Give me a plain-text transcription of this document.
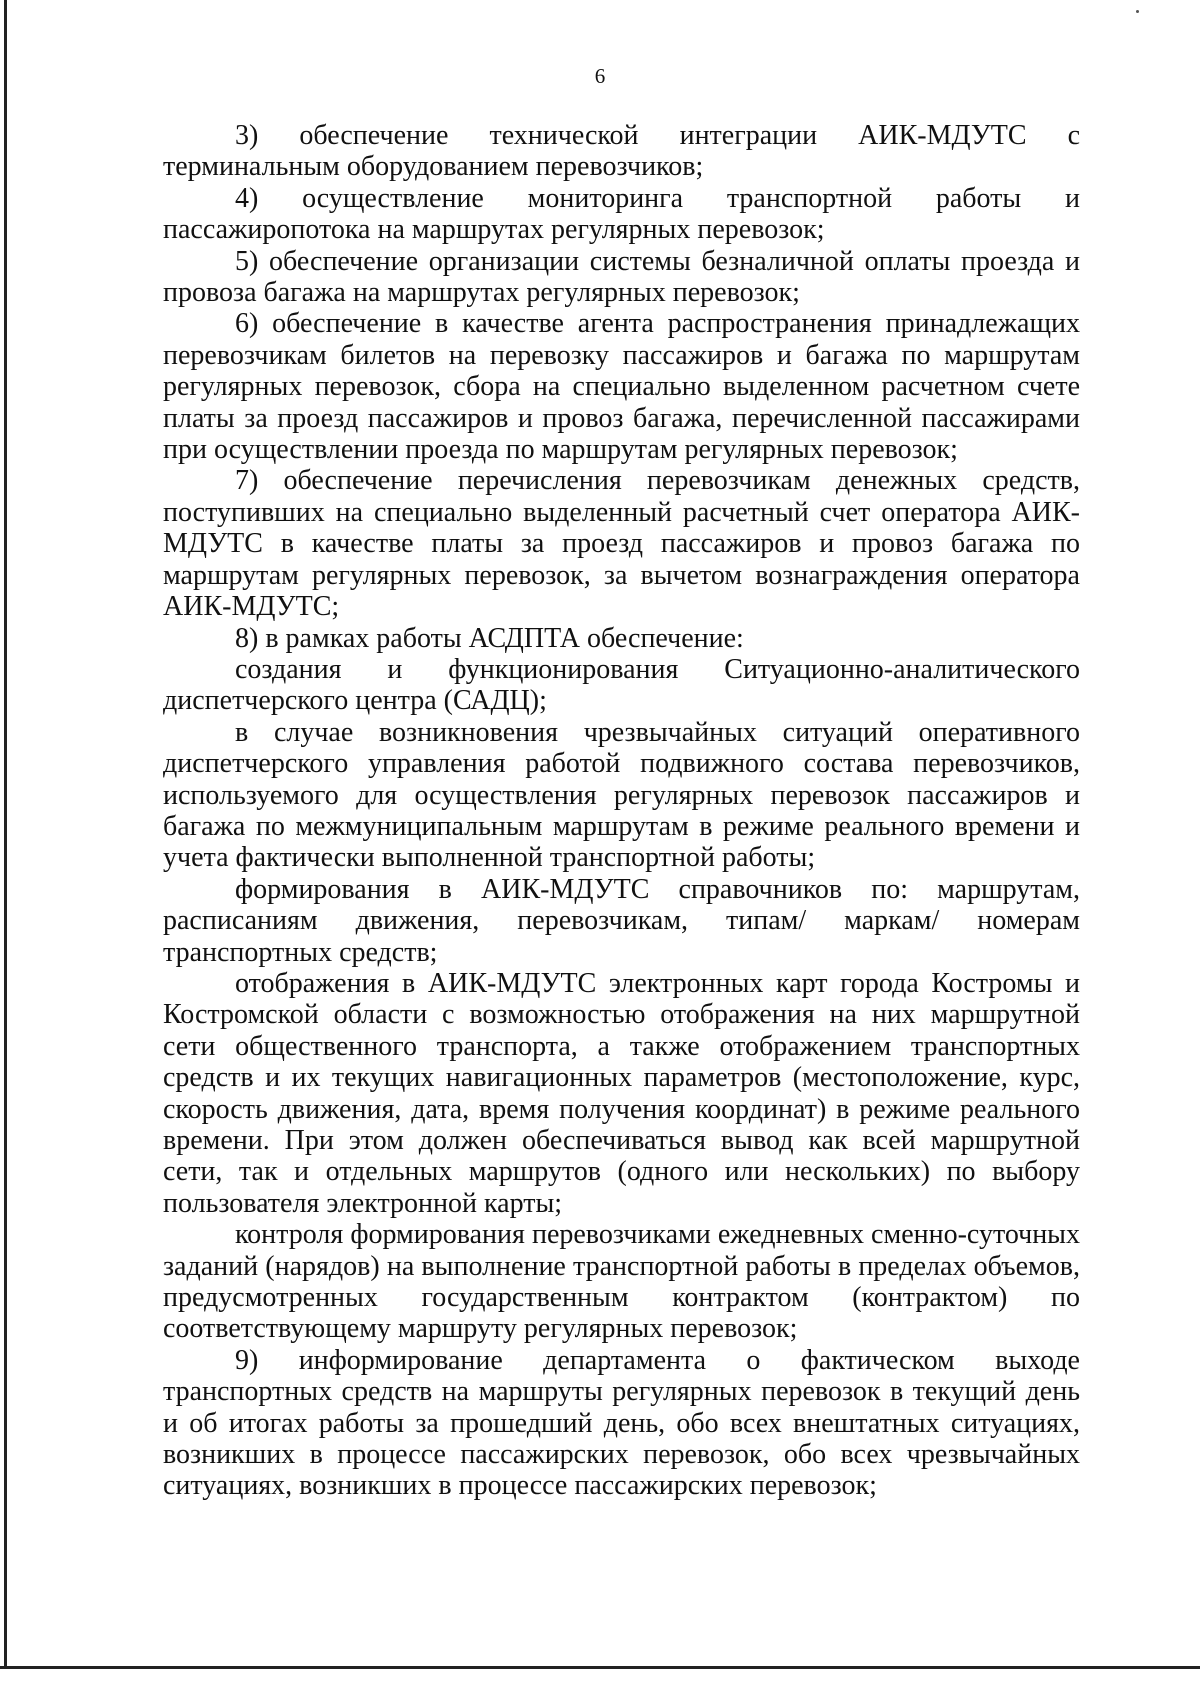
6

3) обеспечение технической интеграции АИК-МДУТС с терминальным оборудованием перевозчиков;

4) осуществление мониторинга транспортной работы и пассажиропотока на маршрутах регулярных перевозок;

5) обеспечение организации системы безналичной оплаты проезда и провоза багажа на маршрутах регулярных перевозок;

6) обеспечение в качестве агента распространения принадлежащих перевозчикам билетов на перевозку пассажиров и багажа по маршрутам регулярных перевозок, сбора на специально выделенном расчетном счете платы за проезд пассажиров и провоз багажа, перечисленной пассажирами при осуществлении проезда по маршрутам регулярных перевозок;

7) обеспечение перечисления перевозчикам денежных средств, поступивших на специально выделенный расчетный счет оператора АИК-МДУТС в качестве платы за проезд пассажиров и провоз багажа по маршрутам регулярных перевозок, за вычетом вознаграждения оператора АИК-МДУТС;

8) в рамках работы АСДПТА обеспечение:

создания и функционирования Ситуационно-аналитического диспетчерского центра (САДЦ);

в случае возникновения чрезвычайных ситуаций оперативного диспетчерского управления работой подвижного состава перевозчиков, используемого для осуществления регулярных перевозок пассажиров и багажа по межмуниципальным маршрутам в режиме реального времени и учета фактически выполненной транспортной работы;

формирования в АИК-МДУТС справочников по: маршрутам, расписаниям движения, перевозчикам, типам/ маркам/ номерам транспортных средств;

отображения в АИК-МДУТС электронных карт города Костромы и Костромской области с возможностью отображения на них маршрутной сети общественного транспорта, а также отображением транспортных средств и их текущих навигационных параметров (местоположение, курс, скорость движения, дата, время получения координат) в режиме реального времени. При этом должен обеспечиваться вывод как всей маршрутной сети, так и отдельных маршрутов (одного или нескольких) по выбору пользователя электронной карты;

контроля формирования перевозчиками ежедневных сменно-суточных заданий (нарядов) на выполнение транспортной работы в пределах объемов, предусмотренных государственным контрактом (контрактом) по соответствующему маршруту регулярных перевозок;

9) информирование департамента о фактическом выходе транспортных средств на маршруты регулярных перевозок в текущий день и об итогах работы за прошедший день, обо всех внештатных ситуациях, возникших в процессе пассажирских перевозок, обо всех чрезвычайных ситуациях, возникших в процессе пассажирских перевозок;
